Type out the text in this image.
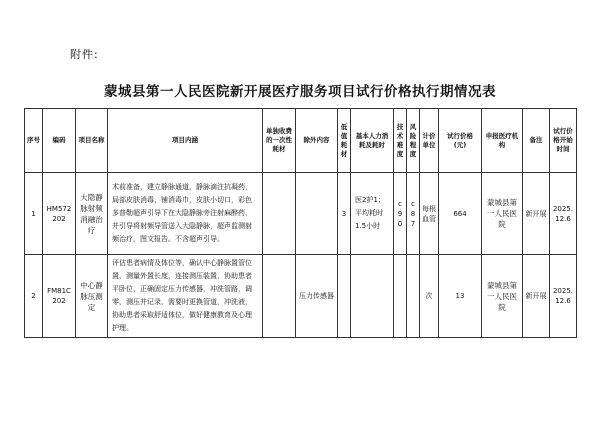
附件:
蒙城县第一人民医院新开展医疗服务项目试行价格执行期情况表
序号	编码	项目名称	项目内涵	单独收费的一次性耗材	除外内容	低值耗材	基本人力消耗及耗时	技术难度	风险程度	计价单位	试行价格(元)	申报医疗机构	备注	试行价格开始时间
1	HM572202	大隐静脉射频消融治疗	术前准备，建立静脉通道，静脉滴注抗凝药，局部皮肤消毒，铺消毒巾，皮肤小切口，彩色多普勒超声引导下在大隐静脉旁注射麻醉药，并引导将射频导管送入大隐静脉，超声监测射频治疗，图文报告。不含超声引导。			3	医2护1；平均耗时1.5小时	c90	c87	每根血管	664	蒙城县第一人民医院	新开展	2025.12.6
2	FM81C202	中心静脉压测定	评估患者病情及体位等，确认中心静脉置管位置，测量外置长度，连接测压装置，协助患者平卧位，正确固定压力传感器，冲洗管路，调零，测压并记录，需要时更换管道，冲洗液，协助患者采取舒适体位，做好健康教育及心理护理。		压力传感器					次	13	蒙城县第一人民医院	新开展	2025.12.6
